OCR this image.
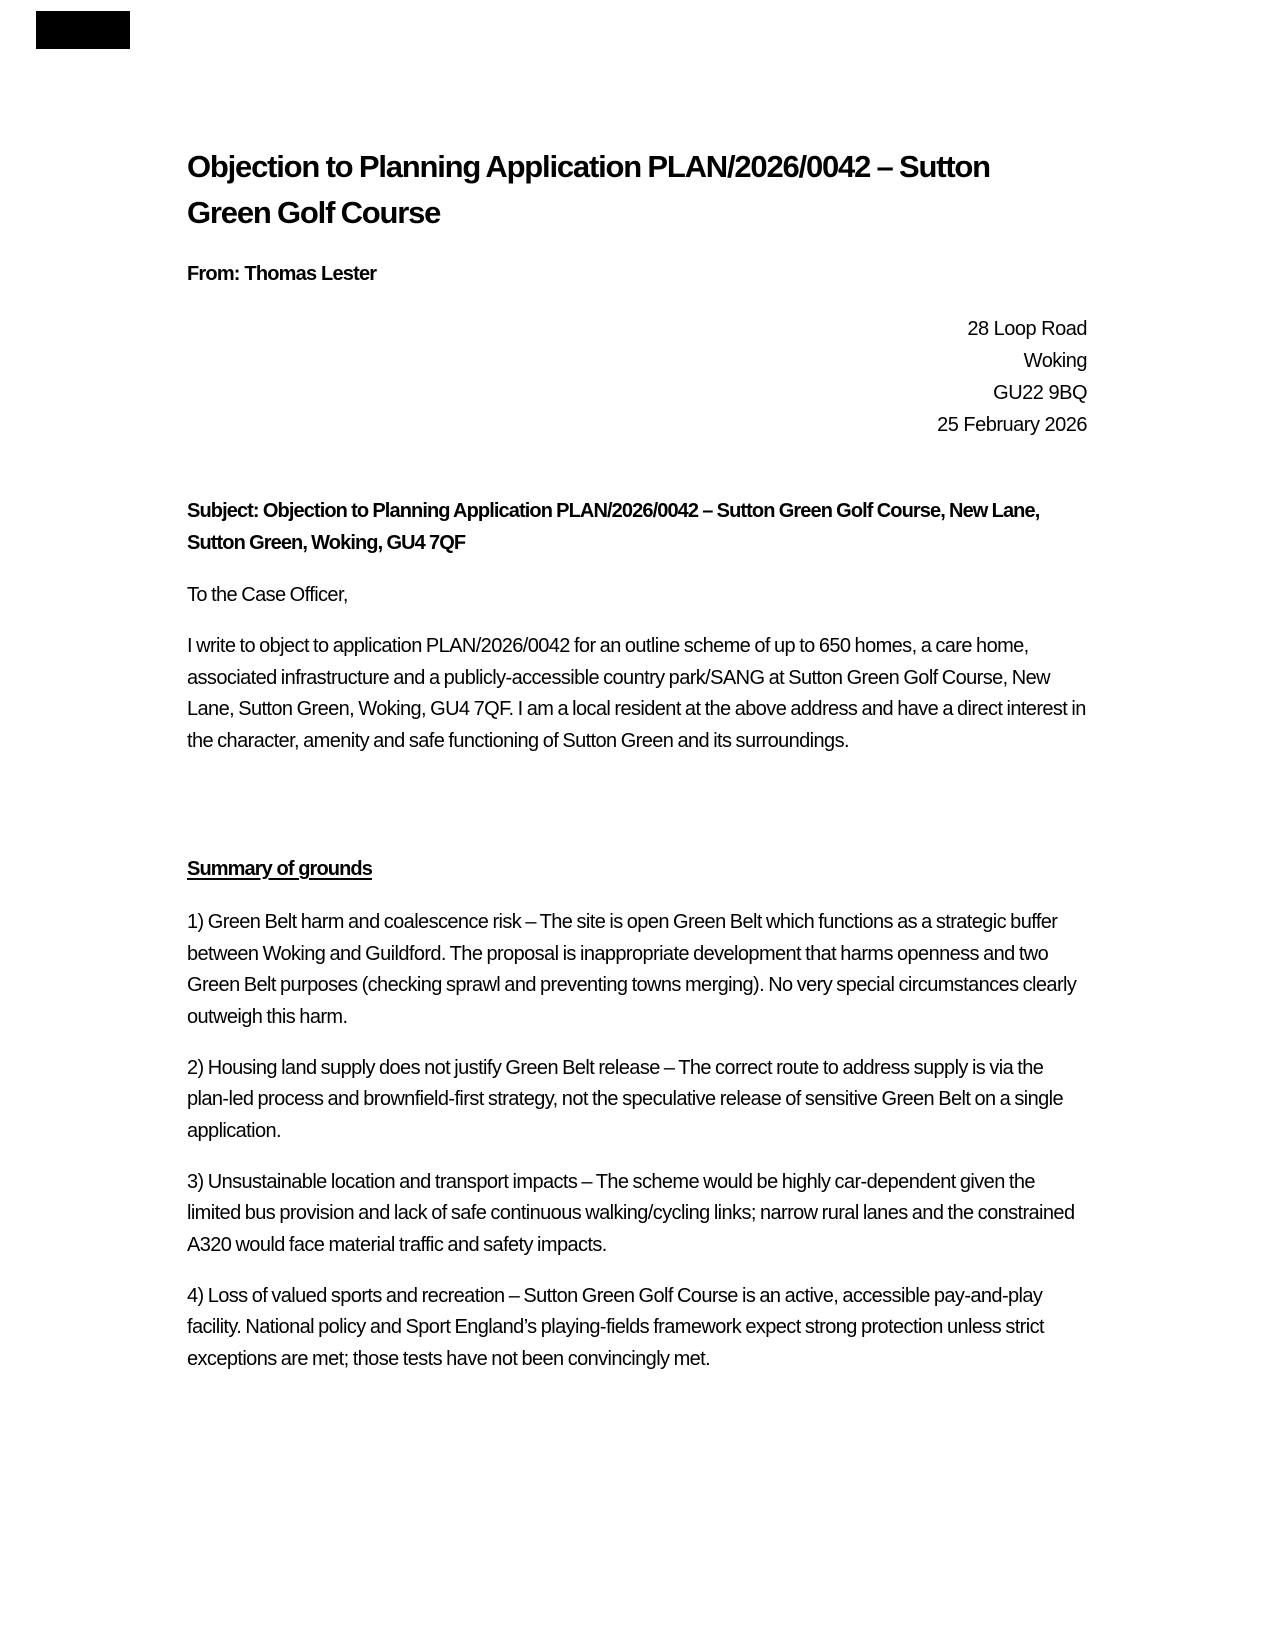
Objection to Planning Application PLAN/2026/0042 – Sutton Green Golf Course
From: Thomas Lester
28 Loop Road
Woking
GU22 9BQ
25 February 2026
Subject: Objection to Planning Application PLAN/2026/0042 – Sutton Green Golf Course, New Lane, Sutton Green, Woking, GU4 7QF
To the Case Officer,

I write to object to application PLAN/2026/0042 for an outline scheme of up to 650 homes, a care home, associated infrastructure and a publicly-accessible country park/SANG at Sutton Green Golf Course, New Lane, Sutton Green, Woking, GU4 7QF. I am a local resident at the above address and have a direct interest in the character, amenity and safe functioning of Sutton Green and its surroundings.

Summary of grounds

1) Green Belt harm and coalescence risk – The site is open Green Belt which functions as a strategic buffer between Woking and Guildford. The proposal is inappropriate development that harms openness and two Green Belt purposes (checking sprawl and preventing towns merging). No very special circumstances clearly outweigh this harm.

2) Housing land supply does not justify Green Belt release – The correct route to address supply is via the plan-led process and brownfield-first strategy, not the speculative release of sensitive Green Belt on a single application.

3) Unsustainable location and transport impacts – The scheme would be highly car-dependent given the limited bus provision and lack of safe continuous walking/cycling links; narrow rural lanes and the constrained A320 would face material traffic and safety impacts.

4) Loss of valued sports and recreation – Sutton Green Golf Course is an active, accessible pay-and-play facility. National policy and Sport England’s playing-fields framework expect strong protection unless strict exceptions are met; those tests have not been convincingly met.
